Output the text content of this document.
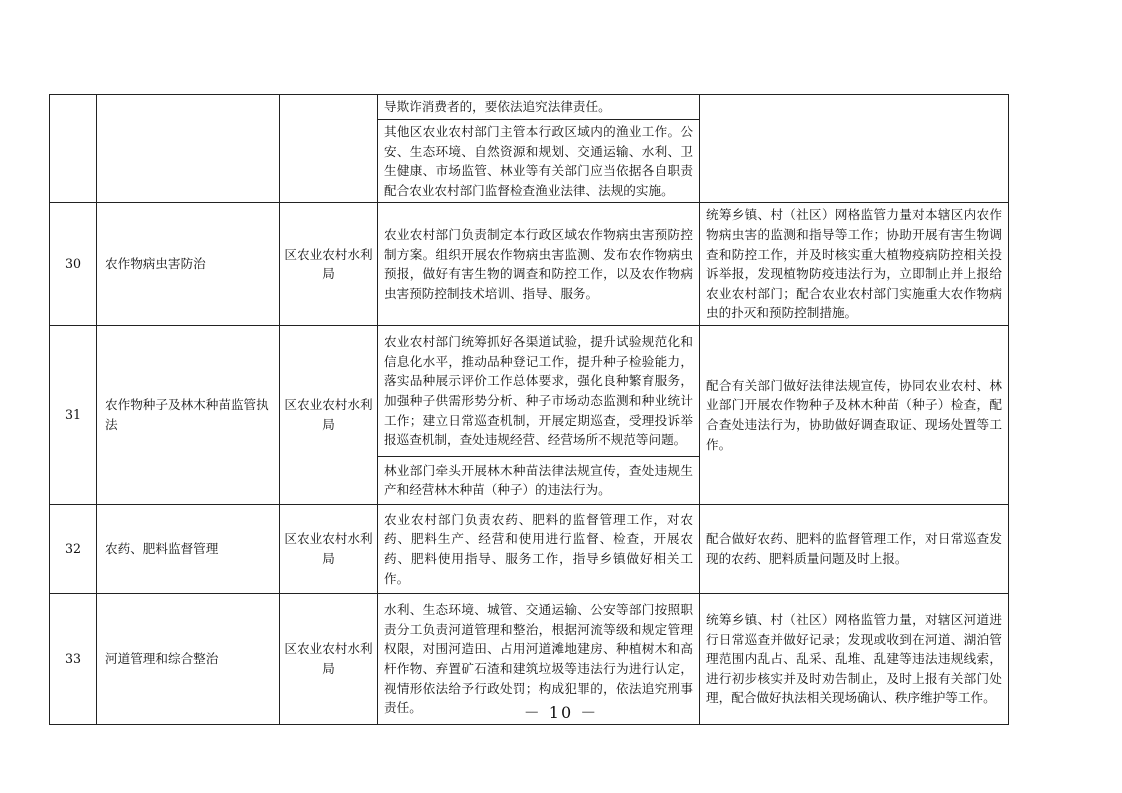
			导欺诈消费者的，要依法追究法律责任。	
			其他区农业农村部门主管本行政区域内的渔业工作。公安、生态环境、自然资源和规划、交通运输、水利、卫生健康、市场监管、林业等有关部门应当依据各自职责配合农业农村部门监督检查渔业法律、法规的实施。	
30	农作物病虫害防治	区农业农村水利局	农业农村部门负责制定本行政区域农作物病虫害预防控制方案。组织开展农作物病虫害监测、发布农作物病虫预报，做好有害生物的调查和防控工作，以及农作物病虫害预防控制技术培训、指导、服务。	统筹乡镇、村（社区）网格监管力量对本辖区内农作物病虫害的监测和指导等工作；协助开展有害生物调查和防控工作，并及时核实重大植物疫病防控相关投诉举报，发现植物防疫违法行为，立即制止并上报给农业农村部门；配合农业农村部门实施重大农作物病虫的扑灭和预防控制措施。
31	农作物种子及林木种苗监管执法	区农业农村水利局	农业农村部门统筹抓好各渠道试验，提升试验规范化和信息化水平，推动品种登记工作，提升种子检验能力，落实品种展示评价工作总体要求，强化良种繁育服务，加强种子供需形势分析、种子市场动态监测和种业统计工作；建立日常巡查机制，开展定期巡查，受理投诉举报巡查机制，查处违规经营、经营场所不规范等问题。	配合有关部门做好法律法规宣传，协同农业农村、林业部门开展农作物种子及林木种苗（种子）检查，配合查处违法行为，协助做好调查取证、现场处置等工作。
			林业部门牵头开展林木种苗法律法规宣传，查处违规生产和经营林木种苗（种子）的违法行为。	
32	农药、肥料监督管理	区农业农村水利局	农业农村部门负责农药、肥料的监督管理工作，对农药、肥料生产、经营和使用进行监督、检查，开展农药、肥料使用指导、服务工作，指导乡镇做好相关工作。	配合做好农药、肥料的监督管理工作，对日常巡查发现的农药、肥料质量问题及时上报。
33	河道管理和综合整治	区农业农村水利局	水利、生态环境、城管、交通运输、公安等部门按照职责分工负责河道管理和整治，根据河流等级和规定管理权限，对围河造田、占用河道滩地建房、种植树木和高杆作物、弃置矿石渣和建筑垃圾等违法行为进行认定，视情形依法给予行政处罚；构成犯罪的，依法追究刑事责任。	统筹乡镇、村（社区）网格监管力量，对辖区河道进行日常巡查并做好记录；发现或收到在河道、湖泊管理范围内乱占、乱采、乱堆、乱建等违法违规线索，进行初步核实并及时劝告制止，及时上报有关部门处理，配合做好执法相关现场确认、秩序维护等工作。
－ 10 －
